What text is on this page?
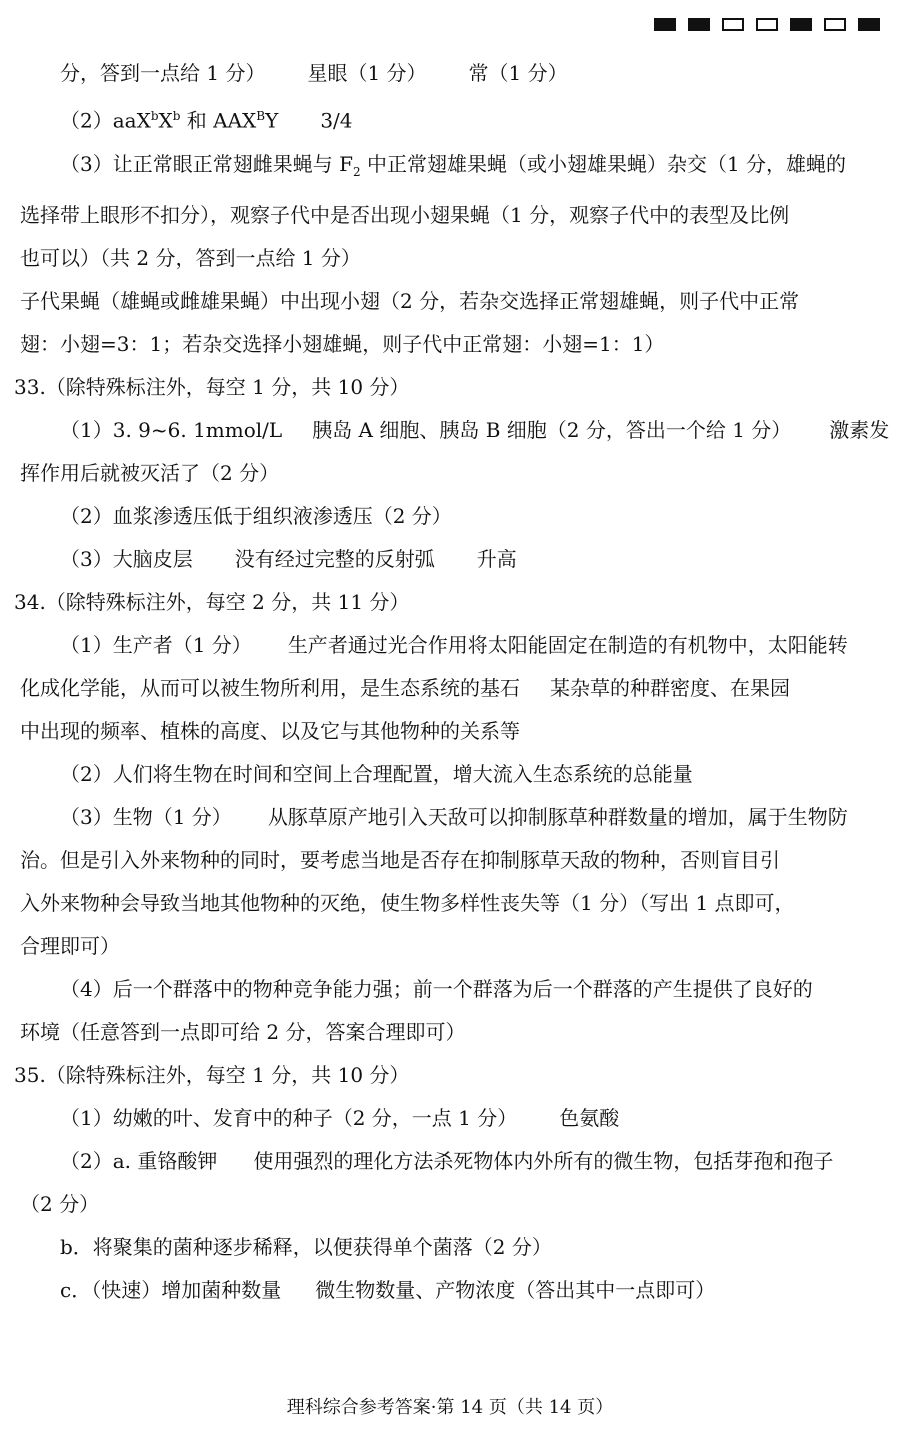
分，答到一点给 1 分） 星眼（1 分） 常（1 分）

$(2)aaX^bX^b$ 和 $AAX^BY$ 3/4

（3）让正常眼正常翅雌果蝇与 $F_2$ 中正常翅雄果蝇（或小翅雄果蝇）杂交（1 分，雄蝇的

选择带上眼形不扣分），观察子代中是否出现小翅果蝇（1 分，观察子代中的表型及比例

也可以）（共 2 分，答到一点给 1 分）

子代果蝇（雄蝇或雌雄果蝇）中出现小翅（2 分，若杂交选择正常翅雄蝇，则子代中正常

翅：小翅=3：1；若杂交选择小翅雄蝇，则子代中正常翅：小翅=1：1）

33.（除特殊标注外，每空 1 分，共 10 分）

（1）3. 9~6. 1mmol/L 胰岛 A 细胞、胰岛 B 细胞（2 分，答出一个给 1 分） 激素发

挥作用后就被灭活了（2 分）

（2）血浆渗透压低于组织液渗透压（2 分）

（3）大脑皮层 没有经过完整的反射弧 升高

34.（除特殊标注外，每空 2 分，共 11 分）

（1）生产者（1 分） 生产者通过光合作用将太阳能固定在制造的有机物中，太阳能转

化成化学能，从而可以被生物所利用，是生态系统的基石 某杂草的种群密度、在果园

中出现的频率、植株的高度、以及它与其他物种的关系等

（2）人们将生物在时间和空间上合理配置，增大流入生态系统的总能量

（3）生物（1 分） 从豚草原产地引入天敌可以抑制豚草种群数量的增加，属于生物防

治。但是引入外来物种的同时，要考虑当地是否存在抑制豚草天敌的物种，否则盲目引

入外来物种会导致当地其他物种的灭绝，使生物多样性丧失等（1 分）（写出 1 点即可，

合理即可）

（4）后一个群落中的物种竞争能力强；前一个群落为后一个群落的产生提供了良好的

环境（任意答到一点即可给 2 分，答案合理即可）

35.（除特殊标注外，每空 1 分，共 10 分）

（1）幼嫩的叶、发育中的种子（2 分，一点 1 分） 色氨酸

（2）a. 重铬酸钾 使用强烈的理化方法杀死物体内外所有的微生物，包括芽孢和孢子

（2 分）

b．将聚集的菌种逐步稀释，以便获得单个菌落（2 分）

c．（快速）增加菌种数量 微生物数量、产物浓度（答出其中一点即可）

理科综合参考答案·第 14 页（共 14 页）
